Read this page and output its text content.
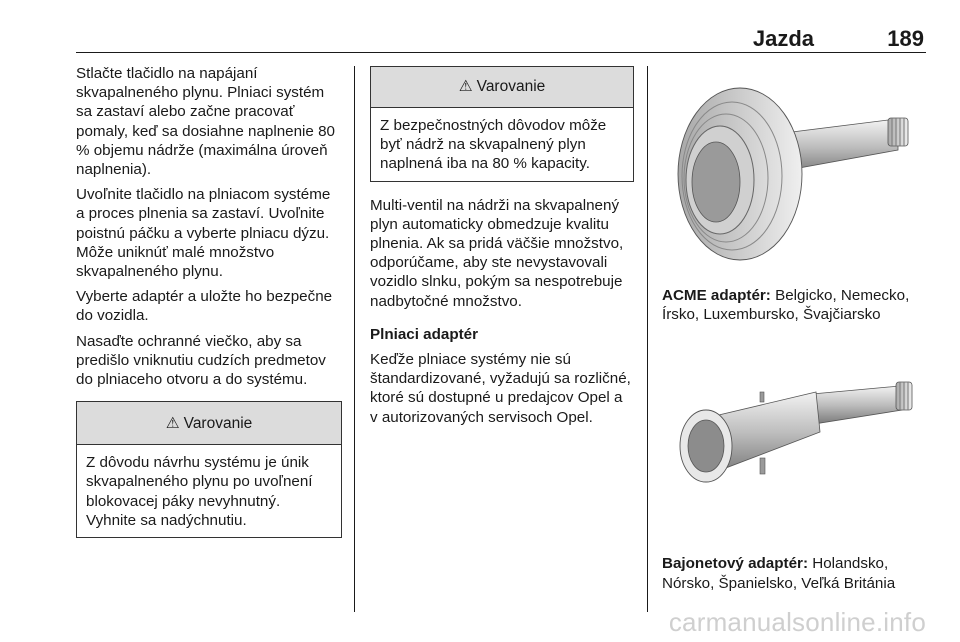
Jazda	189

Stlačte tlačidlo na napájaní skvapalneného plynu. Plniaci systém sa zastaví alebo začne pracovať pomaly, keď sa dosiahne naplnenie 80 % objemu nádrže (maximálna úroveň naplnenia).

Uvoľnite tlačidlo na plniacom systéme a proces plnenia sa zastaví. Uvoľnite poistnú páčku a vyberte plniacu dýzu. Môže uniknúť malé množstvo skvapalneného plynu.

Vyberte adaptér a uložte ho bezpečne do vozidla.

Nasaďte ochranné viečko, aby sa predišlo vniknutiu cudzích predmetov do plniaceho otvoru a do systému.

⚠ Varovanie
Z dôvodu návrhu systému je únik skvapalneného plynu po uvoľnení blokovacej páky nevyhnutný. Vyhnite sa nadýchnutiu.
⚠ Varovanie
Z bezpečnostných dôvodov môže byť nádrž na skvapalnený plyn naplnená iba na 80 % kapacity.

Multi-ventil na nádrži na skvapalnený plyn automaticky obmedzuje kvalitu plnenia. Ak sa pridá väčšie množstvo, odporúčame, aby ste nevystavovali vozidlo slnku, pokým sa nespotrebuje nadbytočné množstvo.

Plniaci adaptér

Keďže plniace systémy nie sú štandardizované, vyžadujú sa rozličné, ktoré sú dostupné u predajcov Opel a v autorizovaných servisoch Opel.

ACME adaptér: Belgicko, Nemecko, Írsko, Luxembursko, Švajčiarsko

Bajonetový adaptér: Holandsko, Nórsko, Španielsko, Veľká Británia

carmanualsonline.info
